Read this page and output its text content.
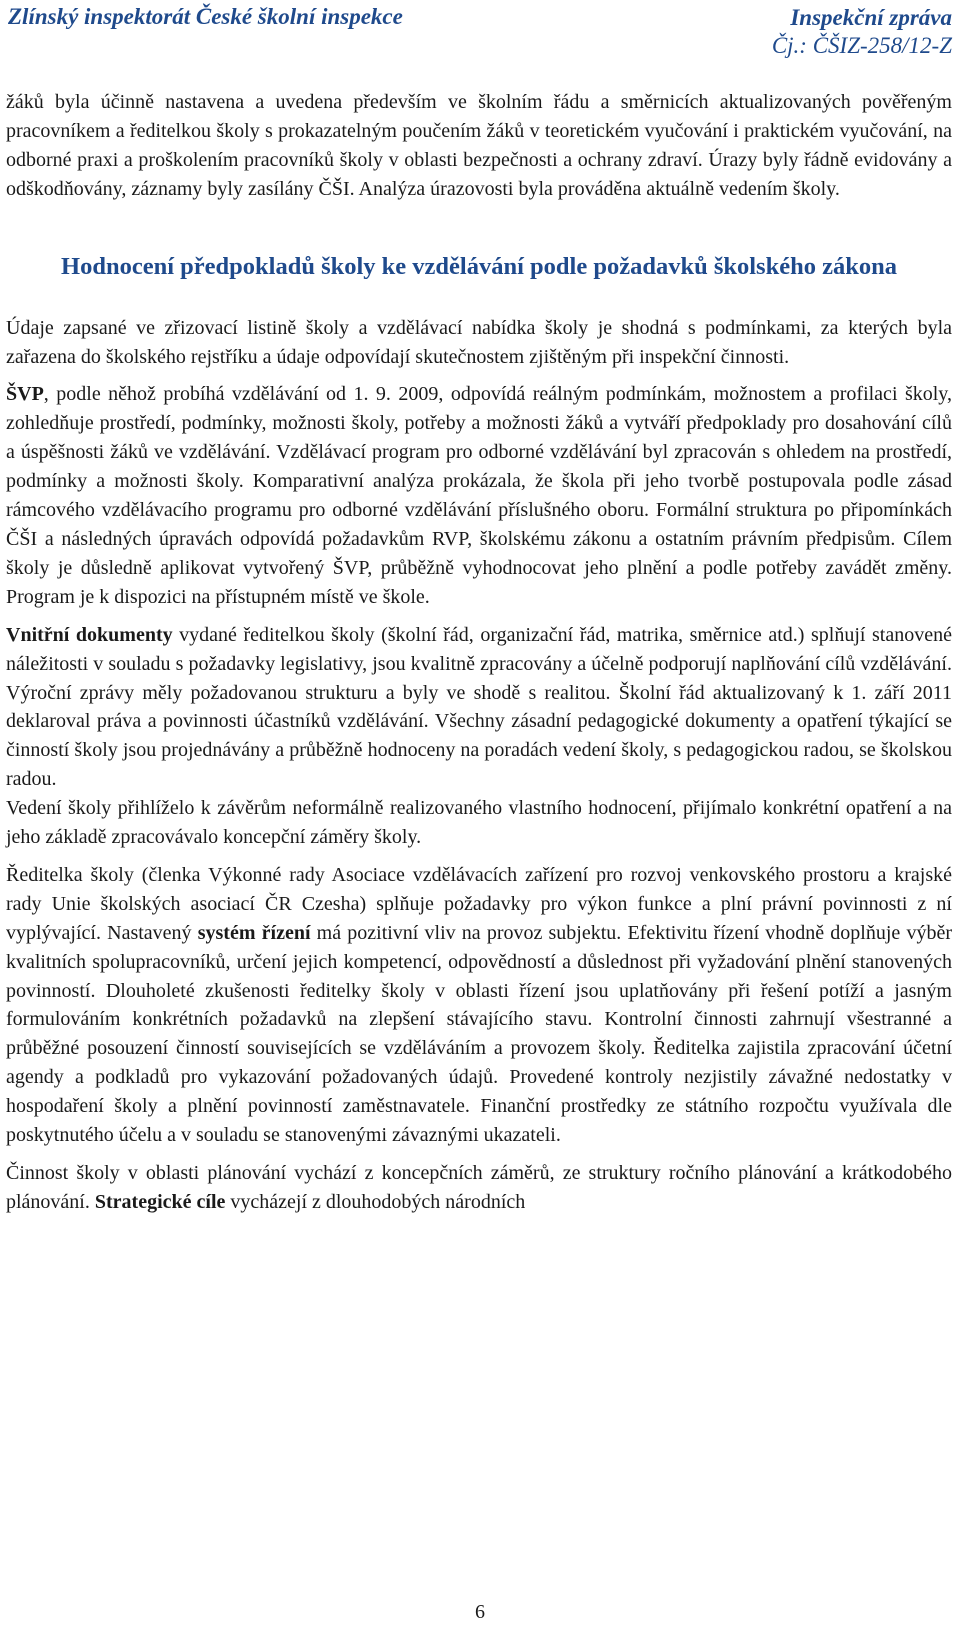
Zlínský inspektorát České školní inspekce	Inspekční zpráva
Čj.: ČŠIZ-258/12-Z

žáků byla účinně nastavena a uvedena především ve školním řádu a směrnicích aktualizovaných pověřeným pracovníkem a ředitelkou školy s prokazatelným poučením žáků v teoretickém vyučování i praktickém vyučování, na odborné praxi a proškolením pracovníků školy v oblasti bezpečnosti a ochrany zdraví. Úrazy byly řádně evidovány a odškodňovány, záznamy byly zasílány ČŠI. Analýza úrazovosti byla prováděna aktuálně vedením školy.

Hodnocení předpokladů školy ke vzdělávání podle požadavků školského zákona

Údaje zapsané ve zřizovací listině školy a vzdělávací nabídka školy je shodná s podmínkami, za kterých byla zařazena do školského rejstříku a údaje odpovídají skutečnostem zjištěným při inspekční činnosti.

ŠVP, podle něhož probíhá vzdělávání od 1. 9. 2009, odpovídá reálným podmínkám, možnostem a profilaci školy, zohledňuje prostředí, podmínky, možnosti školy, potřeby a možnosti žáků a vytváří předpoklady pro dosahování cílů a úspěšnosti žáků ve vzdělávání. Vzdělávací program pro odborné vzdělávání byl zpracován s ohledem na prostředí, podmínky a možnosti školy. Komparativní analýza prokázala, že škola při jeho tvorbě postupovala podle zásad rámcového vzdělávacího programu pro odborné vzdělávání příslušného oboru. Formální struktura po připomínkách ČŠI a následných úpravách odpovídá požadavkům RVP, školskému zákonu a ostatním právním předpisům. Cílem školy je důsledně aplikovat vytvořený ŠVP, průběžně vyhodnocovat jeho plnění a podle potřeby zavádět změny. Program je k dispozici na přístupném místě ve škole.

Vnitřní dokumenty vydané ředitelkou školy (školní řád, organizační řád, matrika, směrnice atd.) splňují stanovené náležitosti v souladu s požadavky legislativy, jsou kvalitně zpracovány a účelně podporují naplňování cílů vzdělávání. Výroční zprávy měly požadovanou strukturu a byly ve shodě s realitou. Školní řád aktualizovaný k 1. září 2011 deklaroval práva a povinnosti účastníků vzdělávání. Všechny zásadní pedagogické dokumenty a opatření týkající se činností školy jsou projednávány a průběžně hodnoceny na poradách vedení školy, s pedagogickou radou, se školskou radou.

Vedení školy přihlíželo k závěrům neformálně realizovaného vlastního hodnocení, přijímalo konkrétní opatření a na jeho základě zpracovávalo koncepční záměry školy.

Ředitelka školy (členka Výkonné rady Asociace vzdělávacích zařízení pro rozvoj venkovského prostoru a krajské rady Unie školských asociací ČR Czesha) splňuje požadavky pro výkon funkce a plní právní povinnosti z ní vyplývající. Nastavený systém řízení má pozitivní vliv na provoz subjektu. Efektivitu řízení vhodně doplňuje výběr kvalitních spolupracovníků, určení jejich kompetencí, odpovědností a důslednost při vyžadování plnění stanovených povinností. Dlouholeté zkušenosti ředitelky školy v oblasti řízení jsou uplatňovány při řešení potíží a jasným formulováním konkrétních požadavků na zlepšení stávajícího stavu. Kontrolní činnosti zahrnují všestranné a průběžné posouzení činností souvisejících se vzděláváním a provozem školy. Ředitelka zajistila zpracování účetní agendy a podkladů pro vykazování požadovaných údajů. Provedené kontroly nezjistily závažné nedostatky v hospodaření školy a plnění povinností zaměstnavatele. Finanční prostředky ze státního rozpočtu využívala dle poskytnutého účelu a v souladu se stanovenými závaznými ukazateli.

Činnost školy v oblasti plánování vychází z koncepčních záměrů, ze struktury ročního plánování a krátkodobého plánování. Strategické cíle vycházejí z dlouhodobých národních

6
